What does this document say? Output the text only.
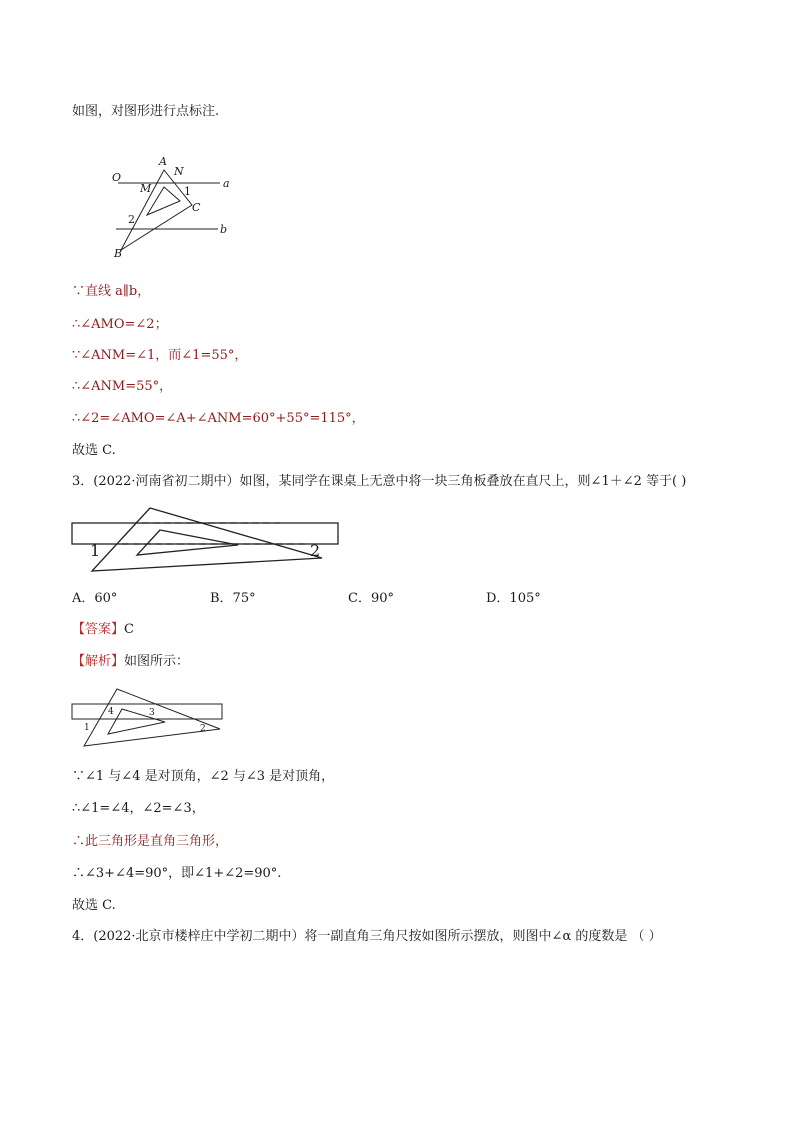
如图，对图形进行点标注.
O
A
N
a
M	1
C
2
b
B
∵直线 a∥b，
∴∠AMO=∠2；
∵∠ANM=∠1，而∠1=55°，
∴∠ANM=55°，
∴∠2=∠AMO=∠A+∠ANM=60°+55°=115°，
故选 C.
3．(2022·河南省初二期中）如图，某同学在课桌上无意中将一块三角板叠放在直尺上，则∠1＋∠2 等于( )
1	2
A．60°	B．75°	C．90°	D．105°
【答案】C
【解析】如图所示：
1
4	3
2
∵∠1 与∠4 是对顶角，∠2 与∠3 是对顶角，
∴∠1=∠4，∠2=∠3，
∴此三角形是直角三角形，
∴∠3+∠4=90°，即∠1+∠2=90°.
故选 C.
4．(2022·北京市楼梓庄中学初二期中）将一副直角三角尺按如图所示摆放，则图中∠α 的度数是 （ ）
